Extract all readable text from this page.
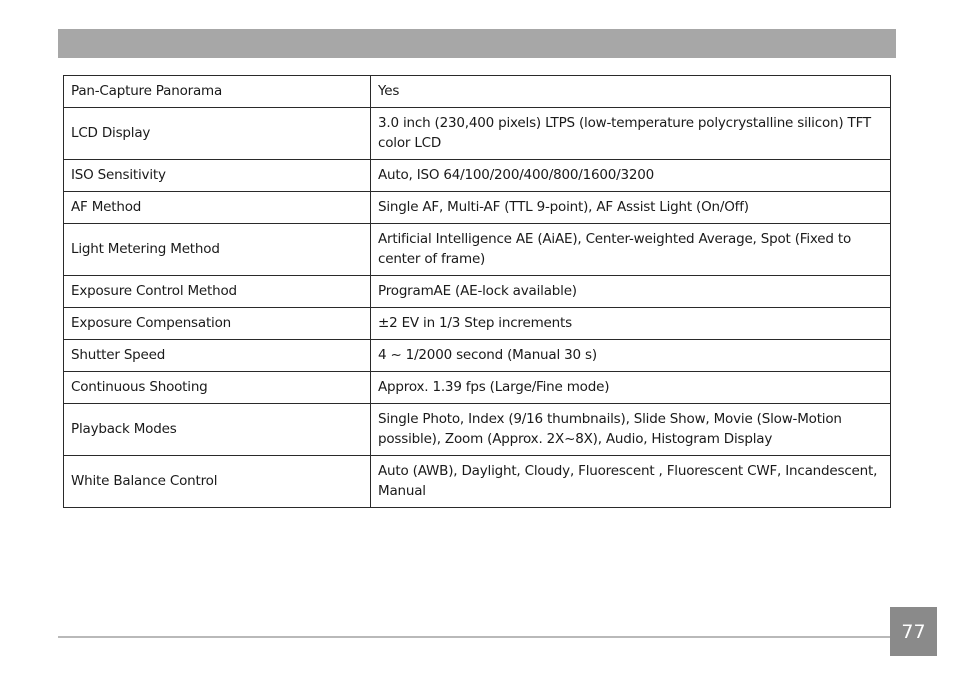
Pan-Capture Panorama	Yes
LCD Display	3.0 inch (230,400 pixels) LTPS (low-temperature polycrystalline silicon) TFT color LCD
ISO Sensitivity	Auto, ISO 64/100/200/400/800/1600/3200
AF Method	Single AF, Multi-AF (TTL 9-point), AF Assist Light (On/Off)
Light Metering Method	Artificial Intelligence AE (AiAE), Center-weighted Average, Spot (Fixed to center of frame)
Exposure Control Method	ProgramAE (AE-lock available)
Exposure Compensation	±2 EV in 1/3 Step increments
Shutter Speed	4 ~ 1/2000 second (Manual 30 s)
Continuous Shooting	Approx. 1.39 fps (Large/Fine mode)
Playback Modes	Single Photo, Index (9/16 thumbnails), Slide Show, Movie (Slow-Motion possible), Zoom (Approx. 2X~8X), Audio, Histogram Display
White Balance Control	Auto (AWB), Daylight, Cloudy, Fluorescent , Fluorescent CWF, Incandescent, Manual
77
